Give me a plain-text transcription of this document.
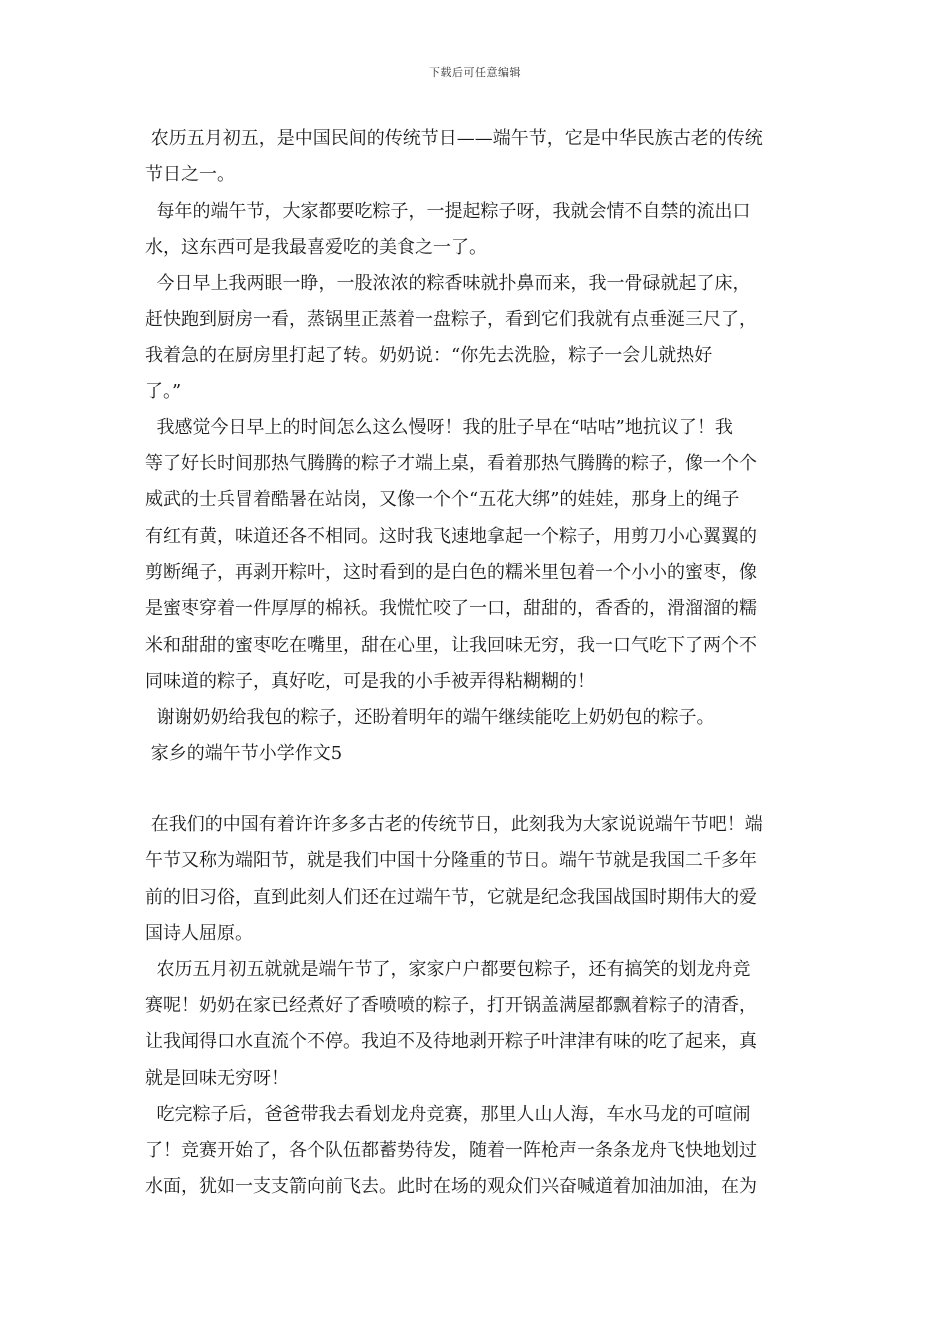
下载后可任意编辑
农历五月初五，是中国民间的传统节日——端午节，它是中华民族古老的传统
节日之一。
每年的端午节，大家都要吃粽子，一提起粽子呀，我就会情不自禁的流出口
水，这东西可是我最喜爱吃的美食之一了。
今日早上我两眼一睁，一股浓浓的粽香味就扑鼻而来，我一骨碌就起了床，
赶快跑到厨房一看，蒸锅里正蒸着一盘粽子，看到它们我就有点垂涎三尺了，
我着急的在厨房里打起了转。奶奶说：“你先去洗脸，粽子一会儿就热好
了。”
我感觉今日早上的时间怎么这么慢呀！我的肚子早在“咕咕”地抗议了！我
等了好长时间那热气腾腾的粽子才端上桌，看着那热气腾腾的粽子，像一个个
威武的士兵冒着酷暑在站岗，又像一个个“五花大绑”的娃娃，那身上的绳子
有红有黄，味道还各不相同。这时我飞速地拿起一个粽子，用剪刀小心翼翼的
剪断绳子，再剥开粽叶，这时看到的是白色的糯米里包着一个小小的蜜枣，像
是蜜枣穿着一件厚厚的棉袄。我慌忙咬了一口，甜甜的，香香的，滑溜溜的糯
米和甜甜的蜜枣吃在嘴里，甜在心里，让我回味无穷，我一口气吃下了两个不
同味道的粽子，真好吃，可是我的小手被弄得粘糊糊的！
谢谢奶奶给我包的粽子，还盼着明年的端午继续能吃上奶奶包的粽子。
家乡的端午节小学作文5
在我们的中国有着许许多多古老的传统节日，此刻我为大家说说端午节吧！端
午节又称为端阳节，就是我们中国十分隆重的节日。端午节就是我国二千多年
前的旧习俗，直到此刻人们还在过端午节，它就是纪念我国战国时期伟大的爱
国诗人屈原。
农历五月初五就就是端午节了，家家户户都要包粽子，还有搞笑的划龙舟竞
赛呢！奶奶在家已经煮好了香喷喷的粽子，打开锅盖满屋都飘着粽子的清香，
让我闻得口水直流个不停。我迫不及待地剥开粽子叶津津有味的吃了起来，真
就是回味无穷呀！
吃完粽子后，爸爸带我去看划龙舟竞赛，那里人山人海，车水马龙的可喧闹
了！竞赛开始了，各个队伍都蓄势待发，随着一阵枪声一条条龙舟飞快地划过
水面，犹如一支支箭向前飞去。此时在场的观众们兴奋喊道着加油加油，在为
